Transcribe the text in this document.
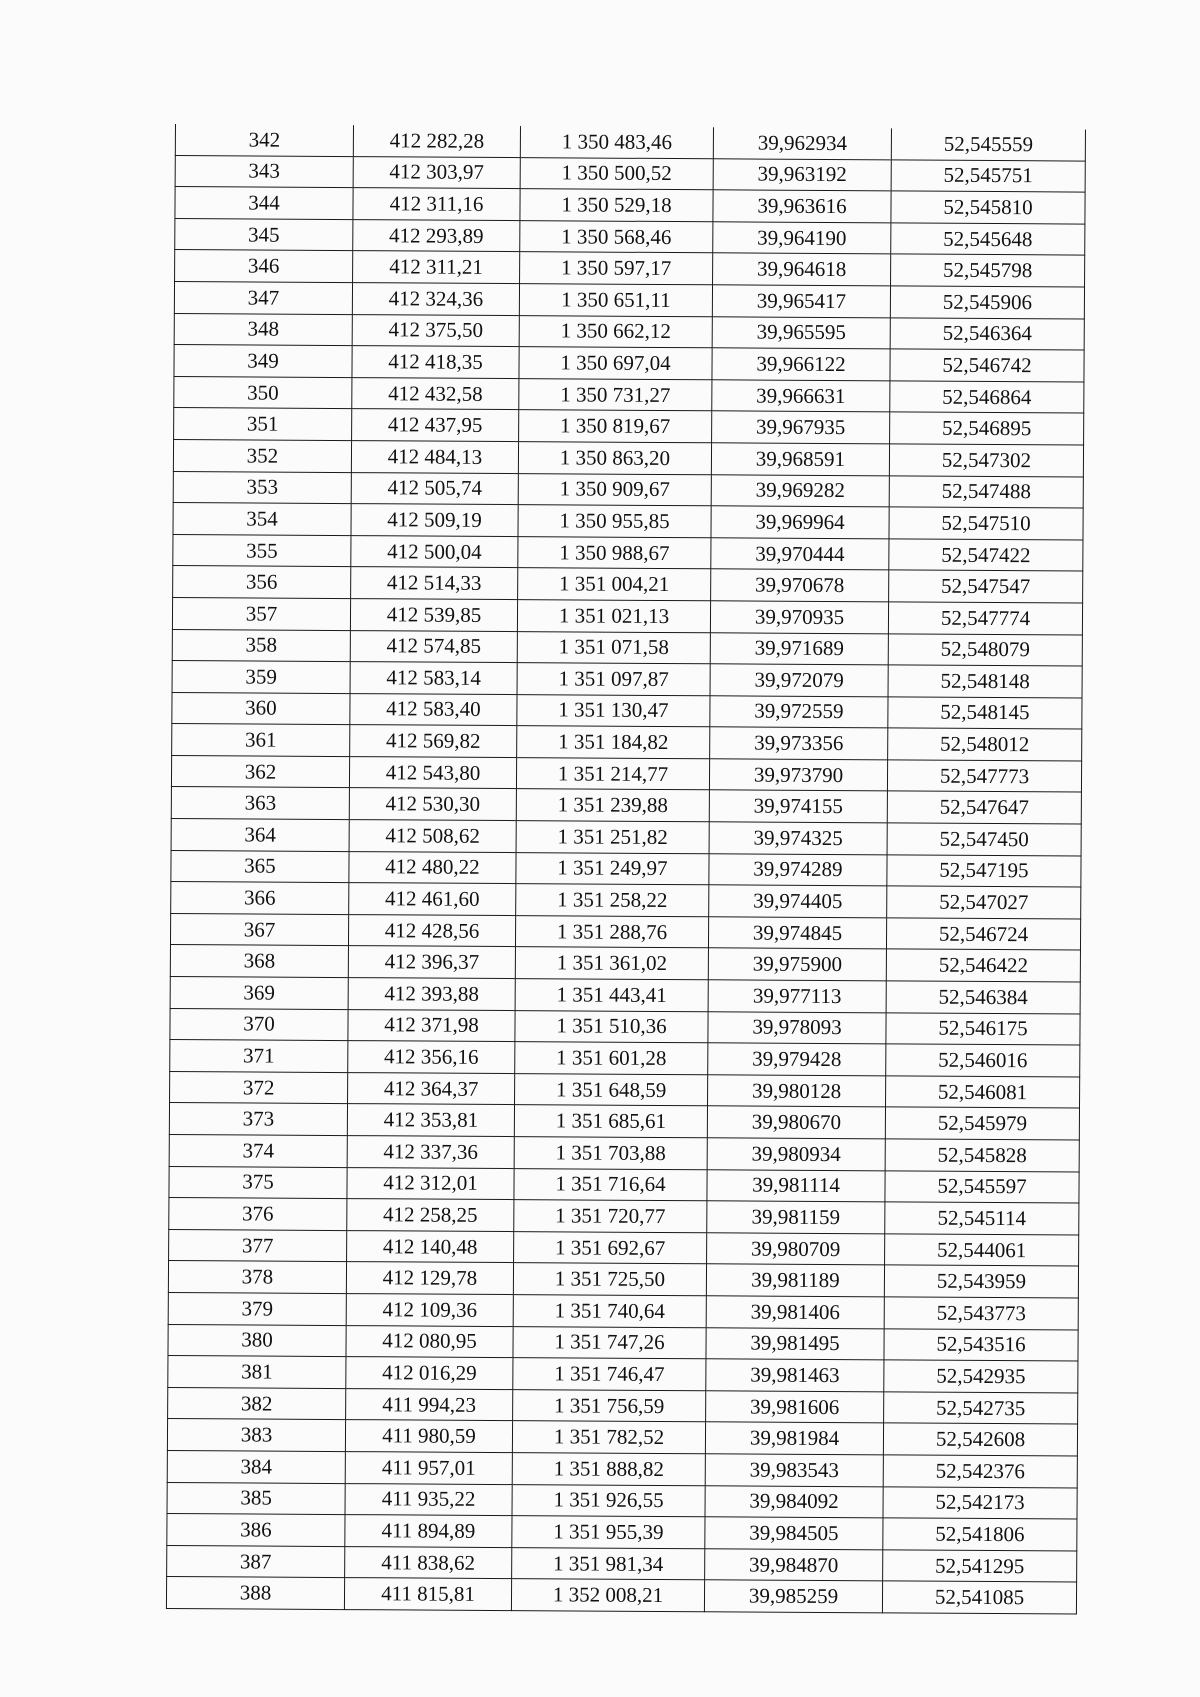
342	412 282,28	1 350 483,46	39,962934	52,545559
343	412 303,97	1 350 500,52	39,963192	52,545751
344	412 311,16	1 350 529,18	39,963616	52,545810
345	412 293,89	1 350 568,46	39,964190	52,545648
346	412 311,21	1 350 597,17	39,964618	52,545798
347	412 324,36	1 350 651,11	39,965417	52,545906
348	412 375,50	1 350 662,12	39,965595	52,546364
349	412 418,35	1 350 697,04	39,966122	52,546742
350	412 432,58	1 350 731,27	39,966631	52,546864
351	412 437,95	1 350 819,67	39,967935	52,546895
352	412 484,13	1 350 863,20	39,968591	52,547302
353	412 505,74	1 350 909,67	39,969282	52,547488
354	412 509,19	1 350 955,85	39,969964	52,547510
355	412 500,04	1 350 988,67	39,970444	52,547422
356	412 514,33	1 351 004,21	39,970678	52,547547
357	412 539,85	1 351 021,13	39,970935	52,547774
358	412 574,85	1 351 071,58	39,971689	52,548079
359	412 583,14	1 351 097,87	39,972079	52,548148
360	412 583,40	1 351 130,47	39,972559	52,548145
361	412 569,82	1 351 184,82	39,973356	52,548012
362	412 543,80	1 351 214,77	39,973790	52,547773
363	412 530,30	1 351 239,88	39,974155	52,547647
364	412 508,62	1 351 251,82	39,974325	52,547450
365	412 480,22	1 351 249,97	39,974289	52,547195
366	412 461,60	1 351 258,22	39,974405	52,547027
367	412 428,56	1 351 288,76	39,974845	52,546724
368	412 396,37	1 351 361,02	39,975900	52,546422
369	412 393,88	1 351 443,41	39,977113	52,546384
370	412 371,98	1 351 510,36	39,978093	52,546175
371	412 356,16	1 351 601,28	39,979428	52,546016
372	412 364,37	1 351 648,59	39,980128	52,546081
373	412 353,81	1 351 685,61	39,980670	52,545979
374	412 337,36	1 351 703,88	39,980934	52,545828
375	412 312,01	1 351 716,64	39,981114	52,545597
376	412 258,25	1 351 720,77	39,981159	52,545114
377	412 140,48	1 351 692,67	39,980709	52,544061
378	412 129,78	1 351 725,50	39,981189	52,543959
379	412 109,36	1 351 740,64	39,981406	52,543773
380	412 080,95	1 351 747,26	39,981495	52,543516
381	412 016,29	1 351 746,47	39,981463	52,542935
382	411 994,23	1 351 756,59	39,981606	52,542735
383	411 980,59	1 351 782,52	39,981984	52,542608
384	411 957,01	1 351 888,82	39,983543	52,542376
385	411 935,22	1 351 926,55	39,984092	52,542173
386	411 894,89	1 351 955,39	39,984505	52,541806
387	411 838,62	1 351 981,34	39,984870	52,541295
388	411 815,81	1 352 008,21	39,985259	52,541085
